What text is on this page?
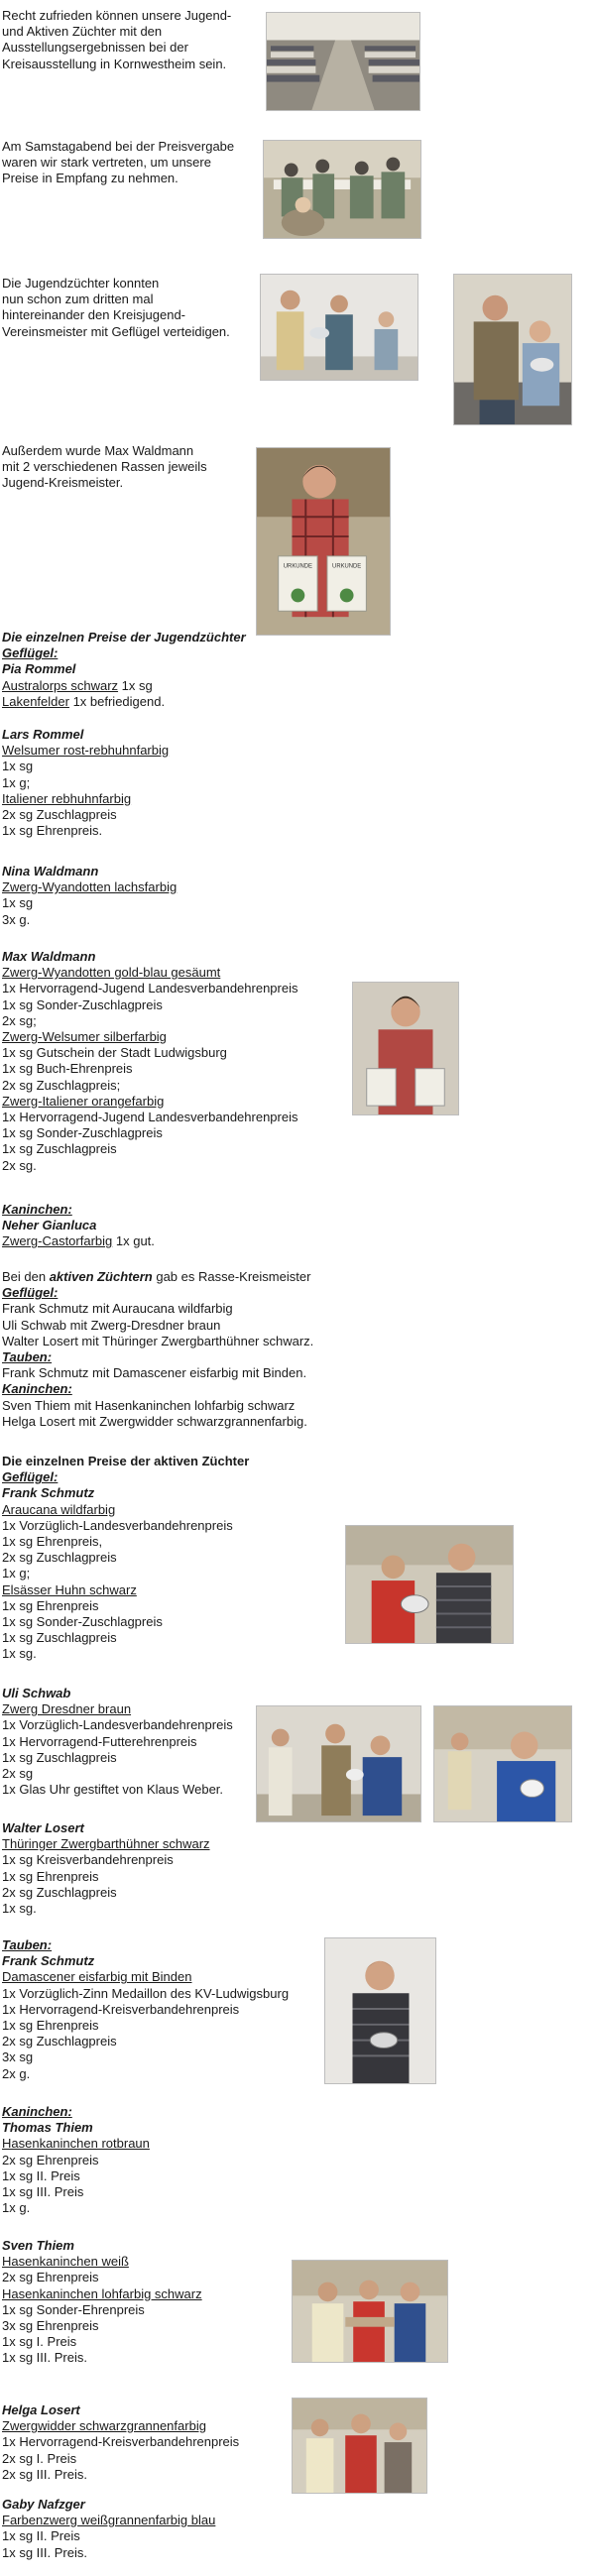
Recht zufrieden können unsere Jugend-
und Aktiven Züchter mit den
Ausstellungsergebnissen bei der
Kreisausstellung in Kornwestheim sein.
Am Samstagabend bei der Preisvergabe
waren wir stark vertreten, um unsere
Preise in Empfang zu nehmen.
Die Jugendzüchter konnten
nun schon zum dritten mal
hintereinander den Kreisjugend-
Vereinsmeister mit Geflügel verteidigen.
Außerdem wurde Max Waldmann
mit 2 verschiedenen Rassen jeweils
Jugend-Kreismeister.
URKUNDE	URKUNDE
Die einzelnen Preise der Jugendzüchter
Geflügel:
Pia Rommel
Australorps schwarz 1x sg
Lakenfelder 1x befriedigend.
Lars Rommel
Welsumer rost-rebhuhnfarbig
1x sg
1x g;
Italiener rebhuhnfarbig
2x sg Zuschlagpreis
1x sg Ehrenpreis.
Nina Waldmann
Zwerg-Wyandotten lachsfarbig
1x sg
3x g.
Max Waldmann
Zwerg-Wyandotten gold-blau gesäumt
1x Hervorragend-Jugend Landesverbandehrenpreis
1x sg Sonder-Zuschlagpreis
2x sg;
Zwerg-Welsumer silberfarbig
1x sg Gutschein der Stadt Ludwigsburg
1x sg Buch-Ehrenpreis
2x sg Zuschlagpreis;
Zwerg-Italiener orangefarbig
1x Hervorragend-Jugend Landesverbandehrenpreis
1x sg Sonder-Zuschlagpreis
1x sg Zuschlagpreis
2x sg.
Kaninchen:
Neher Gianluca
Zwerg-Castorfarbig 1x gut.
Bei den aktiven Züchtern gab es Rasse-Kreismeister
Geflügel:
Frank Schmutz mit Auraucana wildfarbig
Uli Schwab mit Zwerg-Dresdner braun
Walter Losert mit Thüringer Zwergbarthühner schwarz.
Tauben:
Frank Schmutz mit Damascener eisfarbig mit Binden.
Kaninchen:
Sven Thiem mit Hasenkaninchen lohfarbig schwarz
Helga Losert mit Zwergwidder schwarzgrannenfarbig.
Die einzelnen Preise der aktiven Züchter
Geflügel:
Frank Schmutz
Araucana wildfarbig
1x Vorzüglich-Landesverbandehrenpreis
1x sg Ehrenpreis,
2x sg Zuschlagpreis
1x g;
Elsässer Huhn schwarz
1x sg Ehrenpreis
1x sg Sonder-Zuschlagpreis
1x sg Zuschlagpreis
1x sg.
Uli Schwab
Zwerg Dresdner braun
1x Vorzüglich-Landesverbandehrenpreis
1x Hervorragend-Futterehrenpreis
1x sg Zuschlagpreis
2x sg
1x Glas Uhr gestiftet von Klaus Weber.
Walter Losert
Thüringer Zwergbarthühner schwarz
1x sg Kreisverbandehrenpreis
1x sg Ehrenpreis
2x sg Zuschlagpreis
1x sg.
Tauben:
Frank Schmutz
Damascener eisfarbig mit Binden
1x Vorzüglich-Zinn Medaillon des KV-Ludwigsburg
1x Hervorragend-Kreisverbandehrenpreis
1x sg Ehrenpreis
2x sg Zuschlagpreis
3x sg
2x g.
Kaninchen:
Thomas Thiem
Hasenkaninchen rotbraun
2x sg Ehrenpreis
1x sg II. Preis
1x sg III. Preis
1x g.
Sven Thiem
Hasenkaninchen weiß
2x sg Ehrenpreis
Hasenkaninchen lohfarbig schwarz
1x sg Sonder-Ehrenpreis
3x sg Ehrenpreis
1x sg I. Preis
1x sg III. Preis.
Helga Losert
Zwergwidder schwarzgrannenfarbig
1x Hervorragend-Kreisverbandehrenpreis
2x sg I. Preis
2x sg III. Preis.
Gaby Nafzger
Farbenzwerg weißgrannenfarbig blau
1x sg II. Preis
1x sg III. Preis.
